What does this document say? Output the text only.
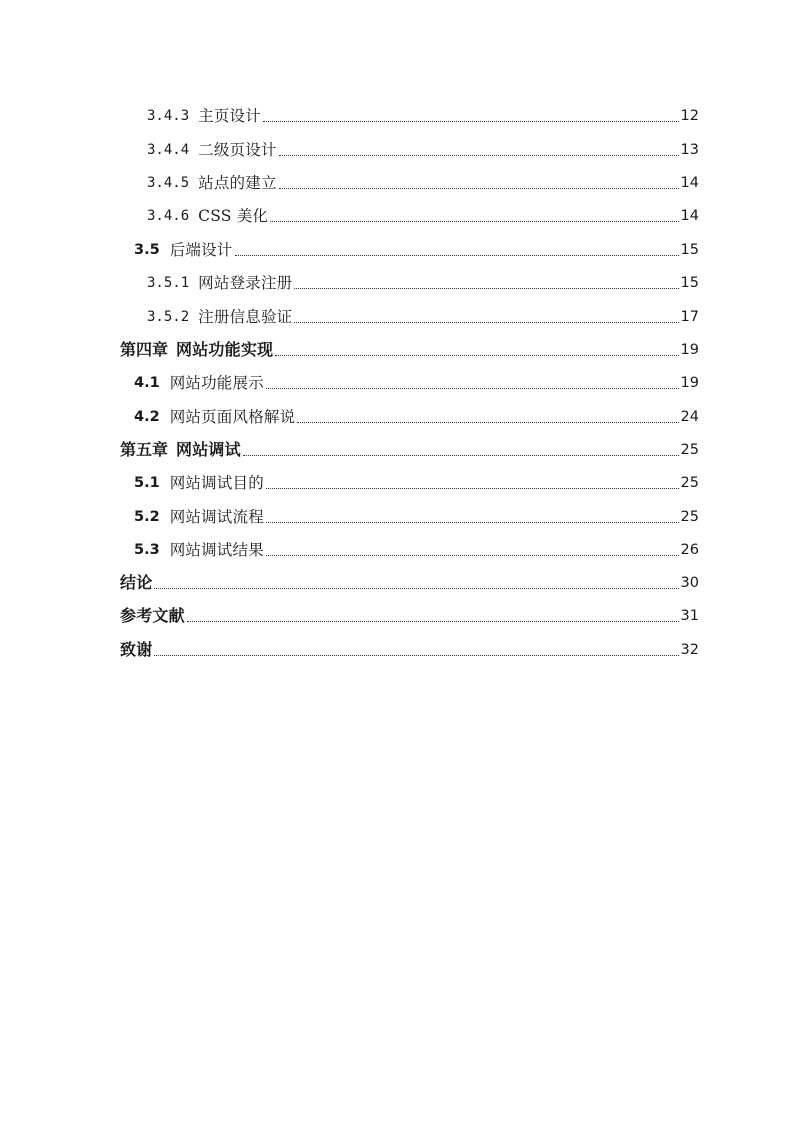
3.4.3 主页设计	12
3.4.4 二级页设计	13
3.4.5 站点的建立	14
3.4.6 CSS 美化	14
3.5 后端设计	15
3.5.1 网站登录注册	15
3.5.2 注册信息验证	17
第四章 网站功能实现	19
4.1 网站功能展示	19
4.2 网站页面风格解说	24
第五章 网站调试	25
5.1 网站调试目的	25
5.2 网站调试流程	25
5.3 网站调试结果	26
结论	30
参考文献	31
致谢	32
